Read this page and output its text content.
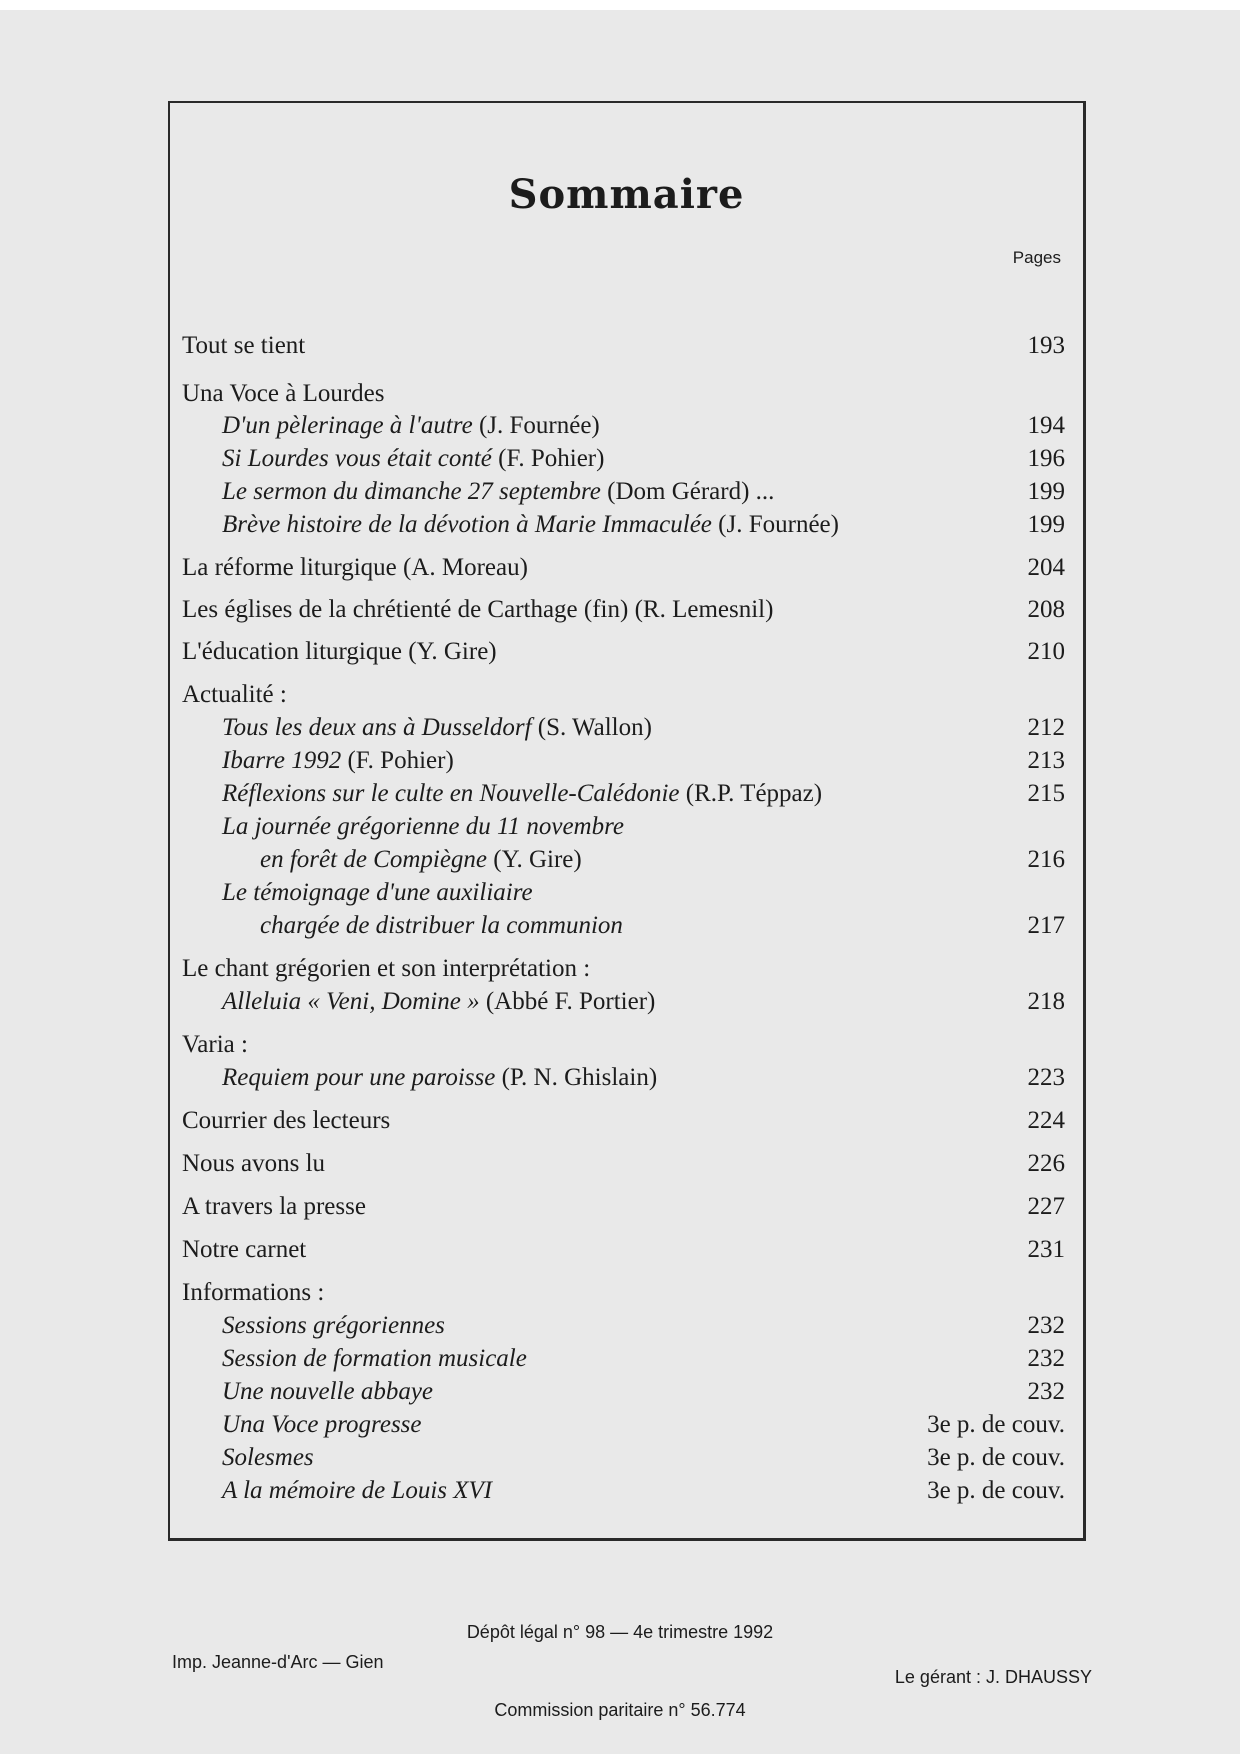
Sommaire
Pages
Tout se tient .....	193
Una Voce à Lourdes
D'un pèlerinage à l'autre (J. Fournée) .....	194
Si Lourdes vous était conté (F. Pohier) .....	196
Le sermon du dimanche 27 septembre (Dom Gérard) ...	199
Brève histoire de la dévotion à Marie Immaculée (J. Fournée)	199
La réforme liturgique (A. Moreau) .....	204
Les églises de la chrétienté de Carthage (fin) (R. Lemesnil)	208
L'éducation liturgique (Y. Gire) .....	210
Actualité :
Tous les deux ans à Dusseldorf (S. Wallon) .....	212
Ibarre 1992 (F. Pohier) .....	213
Réflexions sur le culte en Nouvelle-Calédonie (R.P. Téppaz)	215
La journée grégorienne du 11 novembre
en forêt de Compiègne (Y. Gire) .....	216
Le témoignage d'une auxiliaire
chargée de distribuer la communion .....	217
Le chant grégorien et son interprétation :
Alleluia « Veni, Domine » (Abbé F. Portier) .....	218
Varia :
Requiem pour une paroisse (P. N. Ghislain) .....	223
Courrier des lecteurs .....	224
Nous avons lu .....	226
A travers la presse .....	227
Notre carnet .....	231
Informations :
Sessions grégoriennes .....	232
Session de formation musicale .....	232
Une nouvelle abbaye .....	232
Una Voce progresse .....	3e p. de couv.
Solesmes .....	3e p. de couv.
A la mémoire de Louis XVI .....	3e p. de couv.
Dépôt légal n° 98 — 4e trimestre 1992
Imp. Jeanne-d'Arc — Gien
Le gérant : J. DHAUSSY
Commission paritaire n° 56.774
